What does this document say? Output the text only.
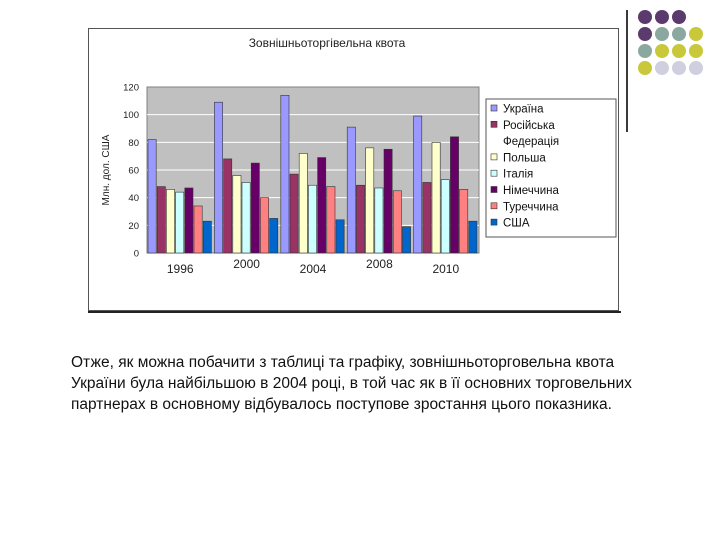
Зовнішньоторгівельна квота
Млн. дол. США
0
20
40
60
80
100
120
1996	2000	2004	2008	2010
Україна
Російська
Федерація
Польша
Італія
Німеччина
Туреччина
США

Отже, як можна побачити з таблиці та графіку, зовнішньоторговельна квота України була найбільшою в 2004 році, в той час як в її основних торговельних партнерах в основному відбувалось поступове зростання цього показника.
